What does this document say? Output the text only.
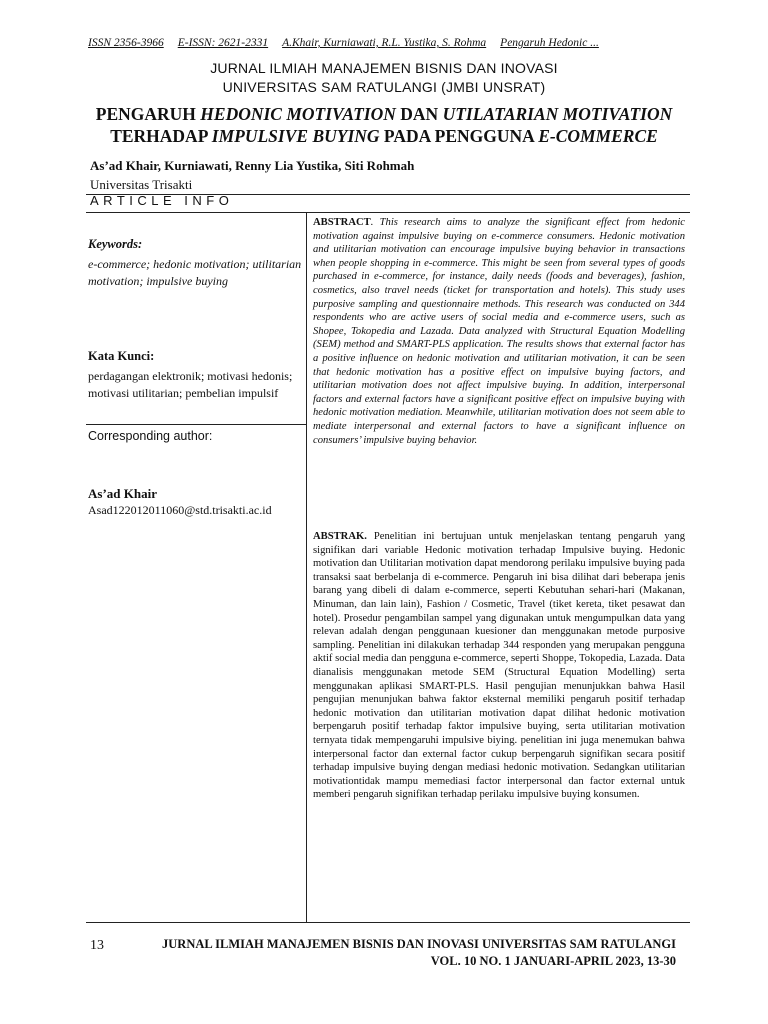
ISSN 2356-3966 E-ISSN: 2621-2331 A.Khair, Kurniawati, R.L. Yustika, S. Rohma Pengaruh Hedonic ...
JURNAL ILMIAH MANAJEMEN BISNIS DAN INOVASI
UNIVERSITAS SAM RATULANGI (JMBI UNSRAT)
PENGARUH HEDONIC MOTIVATION DAN UTILATARIAN MOTIVATION
TERHADAP IMPULSIVE BUYING PADA PENGGUNA E-COMMERCE
As’ad Khair, Kurniawati, Renny Lia Yustika, Siti Rohmah
Universitas Trisakti
ARTICLE INFO
Keywords:
e-commerce; hedonic motivation; utilitarian motivation; impulsive buying
Kata Kunci:
perdagangan elektronik; motivasi hedonis; motivasi utilitarian; pembelian impulsif
Corresponding author:
As’ad Khair
Asad122012011060@std.trisakti.ac.id
ABSTRACT. This research aims to analyze the significant effect from hedonic motivation against impulsive buying on e-commerce consumers. Hedonic motivation and utilitarian motivation can encourage impulsive buying behavior in transactions when people shopping in e-commerce. This might be seen from several types of goods purchased in e-commerce, for instance, daily needs (foods and beverages), fashion, cosmetics, also travel needs (ticket for transportation and hotels). This study uses purposive sampling and questionnaire methods. This research was conducted on 344 respondents who are active users of social media and e-commerce users, such as Shopee, Tokopedia and Lazada. Data analyzed with Structural Equation Modelling (SEM) method and SMART-PLS application. The results shows that external factor has a positive influence on hedonic motivation and utilitarian motivation, it can be seen that hedonic motivation has a positive effect on impulsive buying factors, and utilitarian motivation does not affect impulsive buying. In addition, interpersonal factors and external factors have a significant positive effect on impulsive buying with hedonic motivation mediation. Meanwhile, utilitarian motivation does not seem able to mediate interpersonal and external factors to have a significant influence on consumers’ impulsive buying behavior.
ABSTRAK. Penelitian ini bertujuan untuk menjelaskan tentang pengaruh yang signifikan dari variable Hedonic motivation terhadap Impulsive buying. Hedonic motivation dan Utilitarian motivation dapat mendorong perilaku impulsive buying pada transaksi saat berbelanja di e-commerce. Pengaruh ini bisa dilihat dari beberapa jenis barang yang dibeli di dalam e-commerce, seperti Kebutuhan sehari-hari (Makanan, Minuman, dan lain lain), Fashion / Cosmetic, Travel (tiket kereta, tiket pesawat dan hotel). Prosedur pengambilan sampel yang digunakan untuk mengumpulkan data yang relevan adalah dengan penggunaan kuesioner dan menggunakan metode purposive sampling. Penelitian ini dilakukan terhadap 344 responden yang merupakan pengguna aktif social media dan pengguna e-commerce, seperti Shoppe, Tokopedia, Lazada. Data dianalisis menggunakan metode SEM (Structural Equation Modelling) serta menggunakan aplikasi SMART-PLS. Hasil pengujian menunjukkan bahwa Hasil pengujian menunjukan bahwa faktor eksternal memiliki pengaruh positif terhadap hedonic motivation dan utilitarian motivation dapat dilihat hedonic motivation berpengaruh positif terhadap faktor impulsive buying, serta utilitarian motivation ternyata tidak mempengaruhi impulsive biying. penelitian ini juga menemukan bahwa interpersonal factor dan external factor cukup berpengaruh signifikan secara positif terhadap impulsive buying dengan mediasi hedonic motivation. Sedangkan utilitarian motivationtidak mampu memediasi factor interpersonal dan factor external untuk memberi pengaruh signifikan terhadap perilaku impulsive buying konsumen.
13	JURNAL ILMIAH MANAJEMEN BISNIS DAN INOVASI UNIVERSITAS SAM RATULANGI
VOL. 10 NO. 1 JANUARI-APRIL 2023, 13-30
